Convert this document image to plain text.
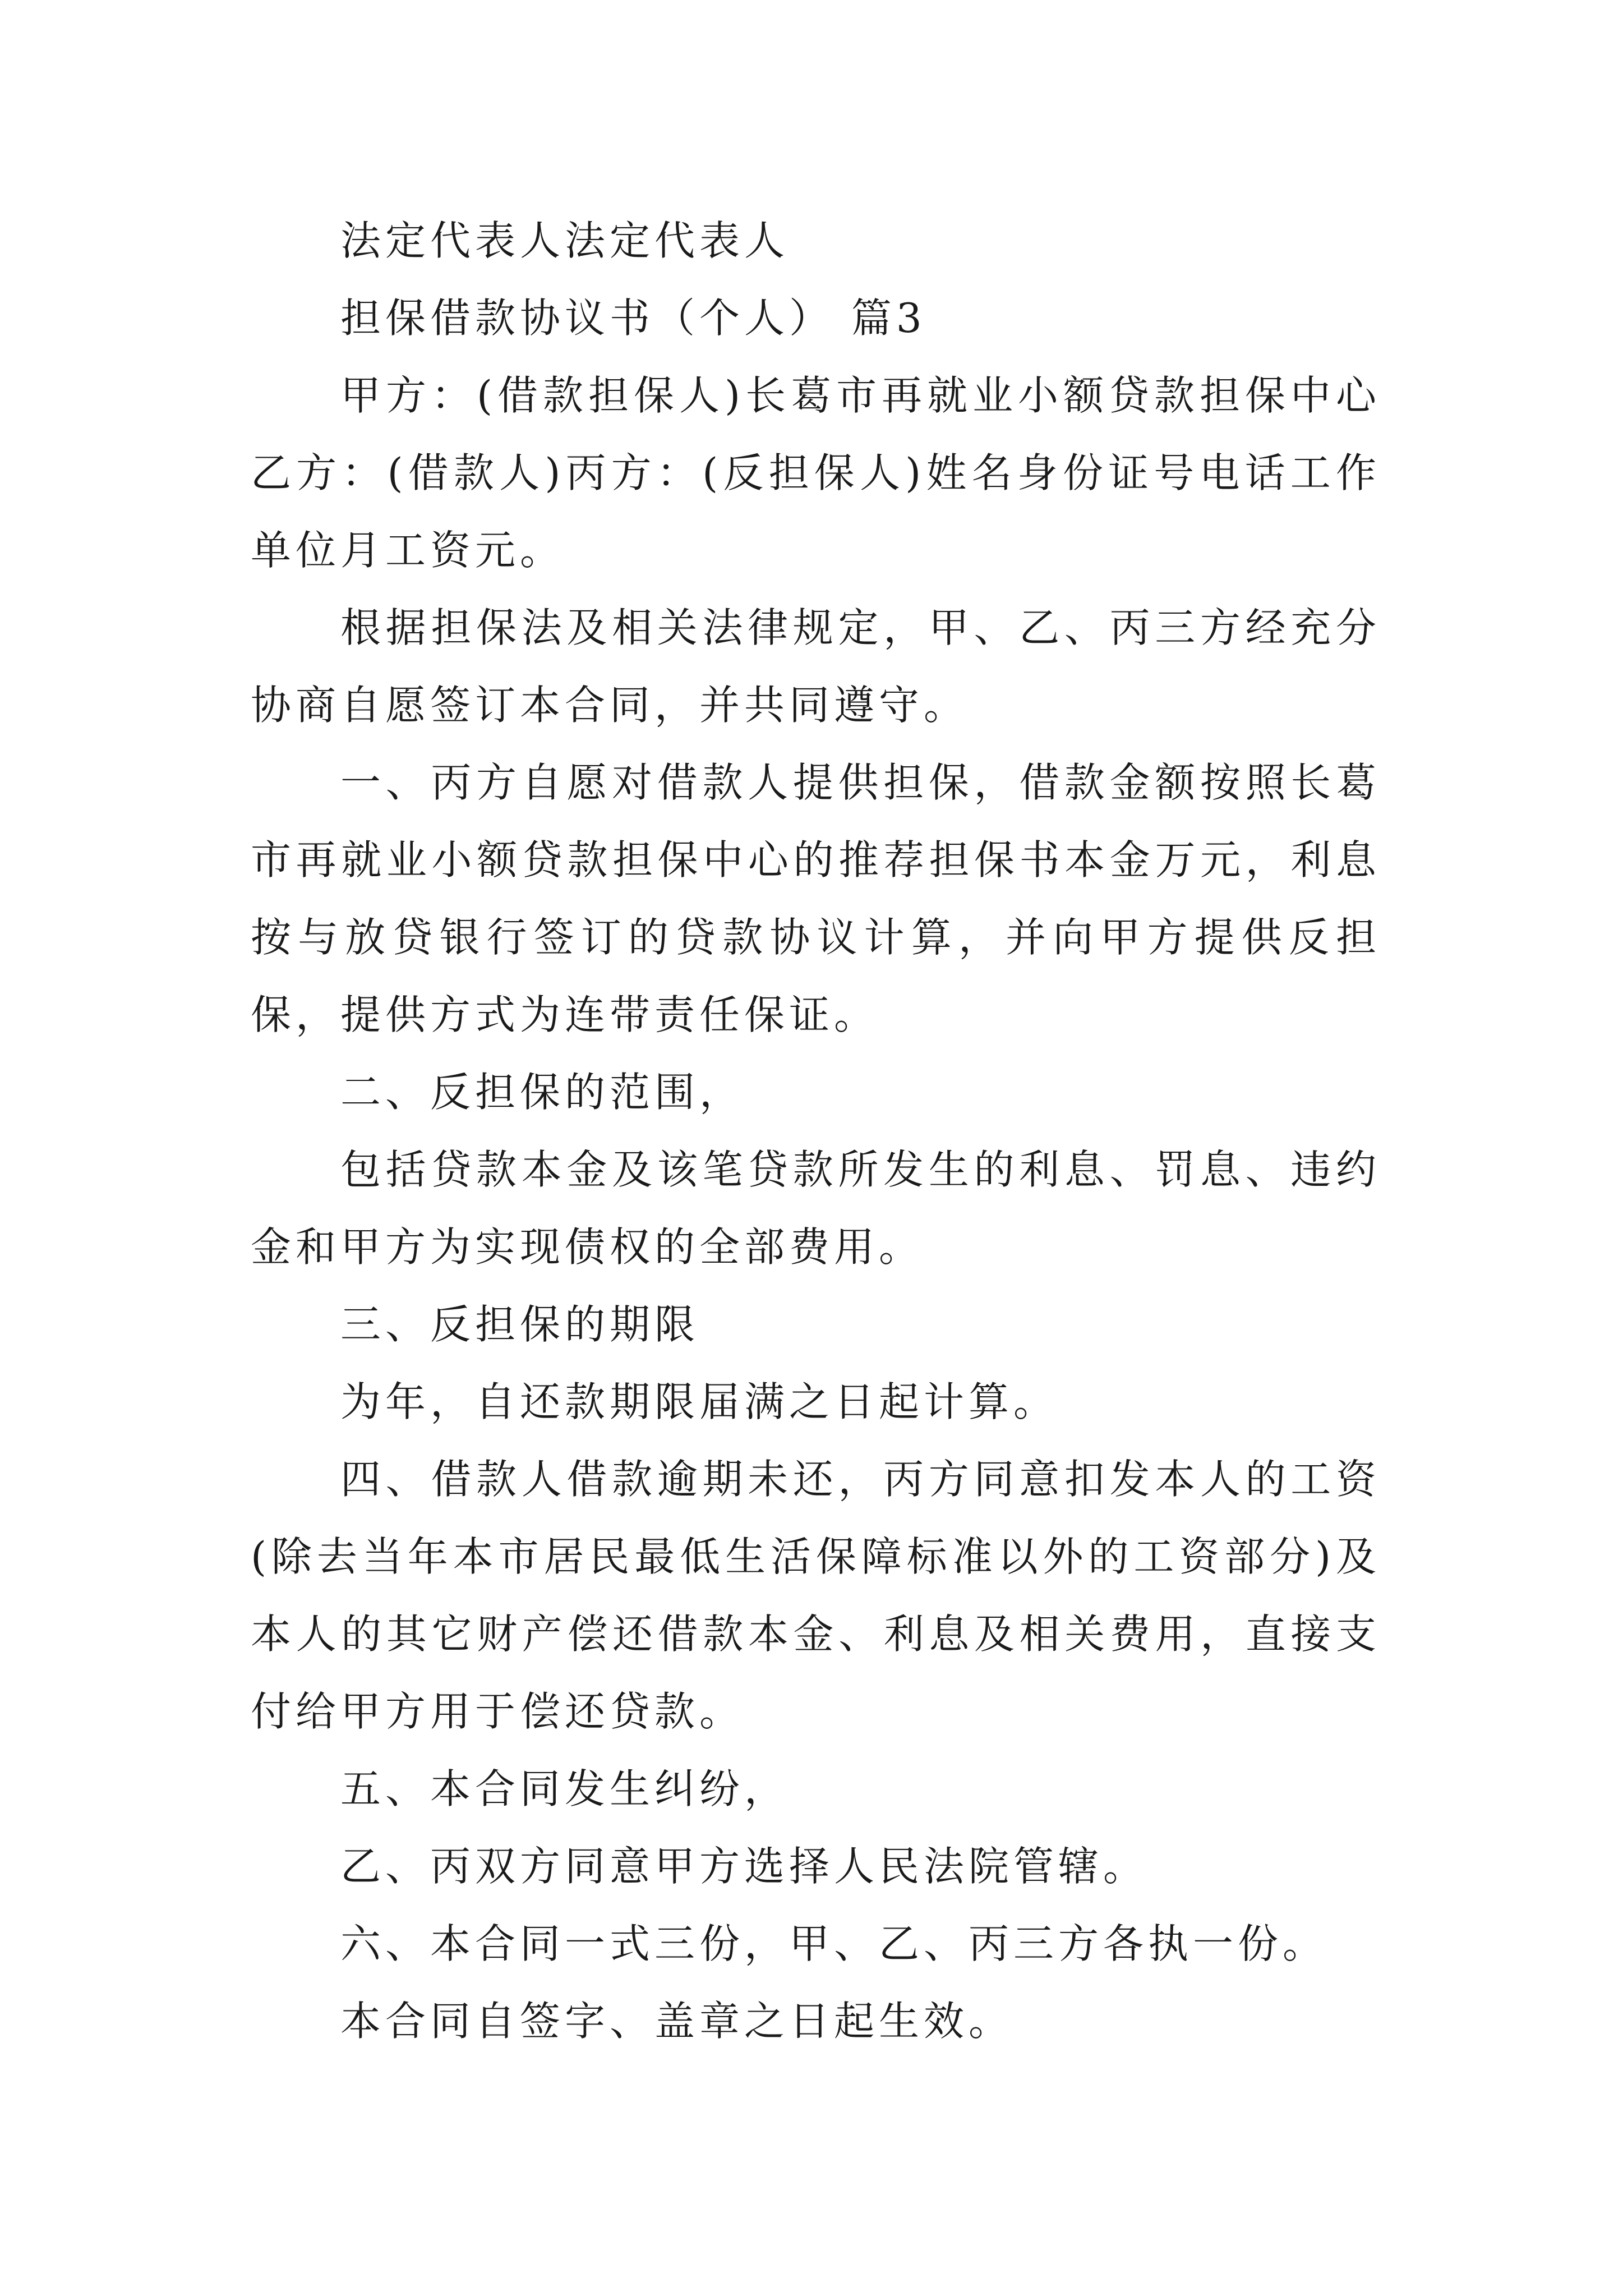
法定代表人法定代表人

担保借款协议书（个人） 篇3

甲方：(借款担保人)长葛市再就业小额贷款担保中心乙方：(借款人)丙方：(反担保人)姓名身份证号电话工作单位月工资元。

根据担保法及相关法律规定，甲、乙、丙三方经充分协商自愿签订本合同，并共同遵守。

一、丙方自愿对借款人提供担保，借款金额按照长葛市再就业小额贷款担保中心的推荐担保书本金万元，利息按与放贷银行签订的贷款协议计算，并向甲方提供反担保，提供方式为连带责任保证。

二、反担保的范围，

包括贷款本金及该笔贷款所发生的利息、罚息、违约金和甲方为实现债权的全部费用。

三、反担保的期限

为年，自还款期限届满之日起计算。

四、借款人借款逾期未还，丙方同意扣发本人的工资(除去当年本市居民最低生活保障标准以外的工资部分)及本人的其它财产偿还借款本金、利息及相关费用，直接支付给甲方用于偿还贷款。

五、本合同发生纠纷，

乙、丙双方同意甲方选择人民法院管辖。

六、本合同一式三份，甲、乙、丙三方各执一份。

本合同自签字、盖章之日起生效。
